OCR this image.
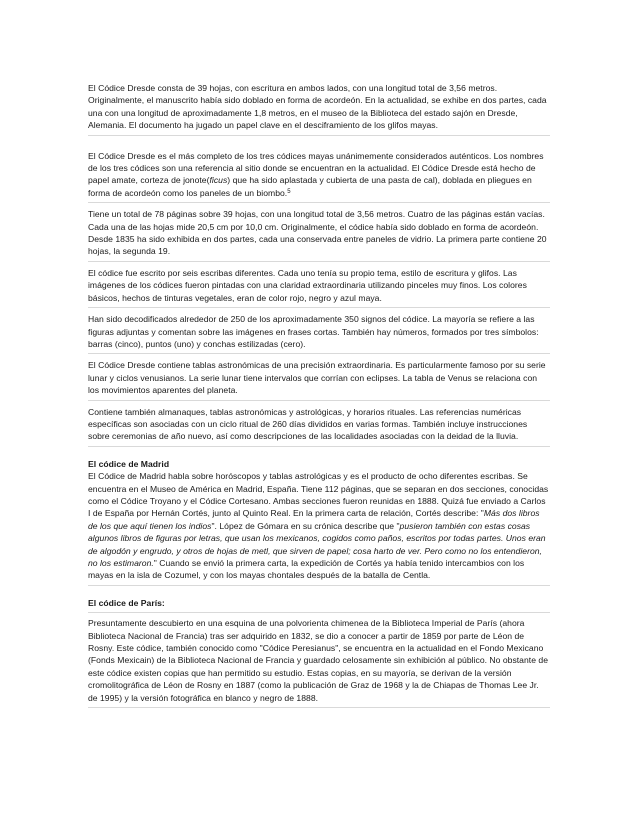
El Códice Dresde consta de 39 hojas, con escritura en ambos lados, con una longitud total de 3,56 metros. Originalmente, el manuscrito había sido doblado en forma de acordeón. En la actualidad, se exhibe en dos partes, cada una con una longitud de aproximadamente 1,8 metros, en el museo de la Biblioteca del estado sajón en Dresde, Alemania. El documento ha jugado un papel clave en el desciframiento de los glifos mayas.

El Códice Dresde es el más completo de los tres códices mayas unánimemente considerados auténticos. Los nombres de los tres códices son una referencia al sitio donde se encuentran en la actualidad. El Códice Dresde está hecho de papel amate, corteza de jonote(ficus) que ha sido aplastada y cubierta de una pasta de cal), doblada en pliegues en forma de acordeón como los paneles de un biombo.$^5$

Tiene un total de 78 páginas sobre 39 hojas, con una longitud total de 3,56 metros. Cuatro de las páginas están vacías. Cada una de las hojas mide 20,5 cm por 10,0 cm. Originalmente, el códice había sido doblado en forma de acordeón. Desde 1835 ha sido exhibida en dos partes, cada una conservada entre paneles de vidrio. La primera parte contiene 20 hojas, la segunda 19.

El códice fue escrito por seis escribas diferentes. Cada uno tenía su propio tema, estilo de escritura y glifos. Las imágenes de los códices fueron pintadas con una claridad extraordinaria utilizando pinceles muy finos. Los colores básicos, hechos de tinturas vegetales, eran de color rojo, negro y azul maya.

Han sido decodificados alrededor de 250 de los aproximadamente 350 signos del códice. La mayoría se refiere a las figuras adjuntas y comentan sobre las imágenes en frases cortas. También hay números, formados por tres símbolos: barras (cinco), puntos (uno) y conchas estilizadas (cero).

El Códice Dresde contiene tablas astronómicas de una precisión extraordinaria. Es particularmente famoso por su serie lunar y ciclos venusianos. La serie lunar tiene intervalos que corrían con eclipses. La tabla de Venus se relaciona con los movimientos aparentes del planeta.

Contiene también almanaques, tablas astronómicas y astrológicas, y horarios rituales. Las referencias numéricas específicas son asociadas con un ciclo ritual de 260 días divididos en varias formas. También incluye instrucciones sobre ceremonias de año nuevo, así como descripciones de las localidades asociadas con la deidad de la lluvia.

El códice de Madrid

El Códice de Madrid habla sobre horóscopos y tablas astrológicas y es el producto de ocho diferentes escribas. Se encuentra en el Museo de América en Madrid, España. Tiene 112 páginas, que se separan en dos secciones, conocidas como el Códice Troyano y el Códice Cortesano. Ambas secciones fueron reunidas en 1888. Quizá fue enviado a Carlos I de España por Hernán Cortés, junto al Quinto Real. En la primera carta de relación, Cortés describe: "Más dos libros de los que aquí tienen los indios". López de Gómara en su crónica describe que "pusieron también con estas cosas algunos libros de figuras por letras, que usan los mexicanos, cogidos como paños, escritos por todas partes. Unos eran de algodón y engrudo, y otros de hojas de metl, que sirven de papel; cosa harto de ver. Pero como no los entendieron, no los estimaron." Cuando se envió la primera carta, la expedición de Cortés ya había tenido intercambios con los mayas en la isla de Cozumel, y con los mayas chontales después de la batalla de Centla.

El códice de París:

Presuntamente descubierto en una esquina de una polvorienta chimenea de la Biblioteca Imperial de París (ahora Biblioteca Nacional de Francia) tras ser adquirido en 1832, se dio a conocer a partir de 1859 por parte de Léon de Rosny. Este códice, también conocido como "Códice Peresianus", se encuentra en la actualidad en el Fondo Mexicano (Fonds Mexicain) de la Biblioteca Nacional de Francia y guardado celosamente sin exhibición al público. No obstante de este códice existen copias que han permitido su estudio. Estas copias, en su mayoría, se derivan de la versión cromolitográfica de Léon de Rosny en 1887 (como la publicación de Graz de 1968 y la de Chiapas de Thomas Lee Jr. de 1995) y la versión fotográfica en blanco y negro de 1888.
